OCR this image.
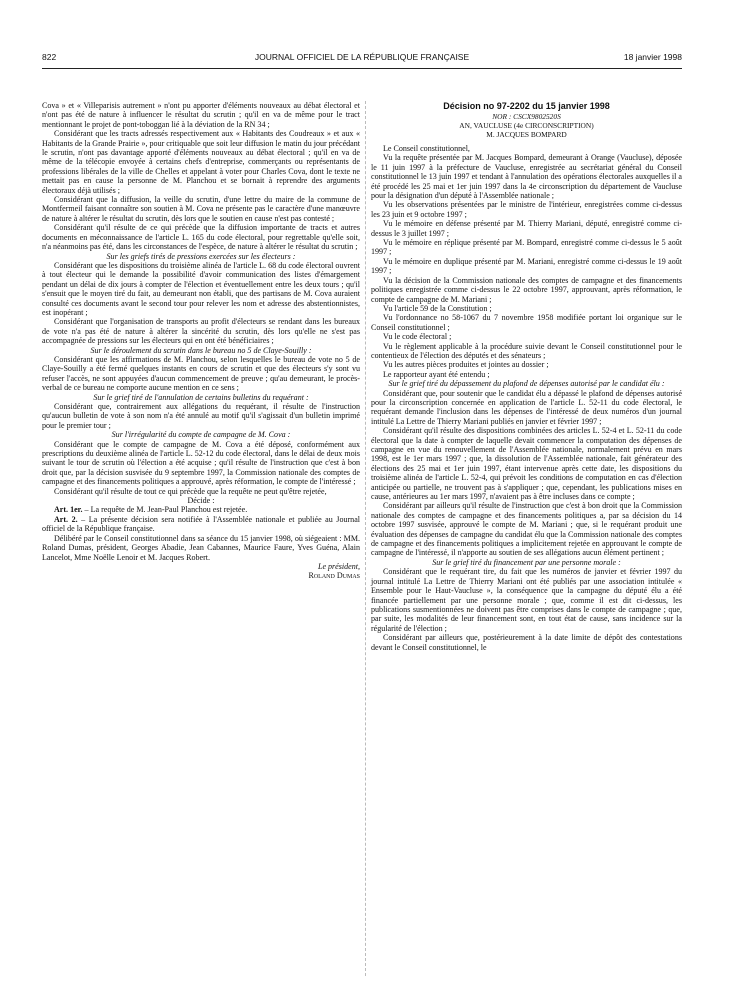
822	JOURNAL OFFICIEL DE LA RÉPUBLIQUE FRANÇAISE	18 janvier 1998

Cova » et « Villeparisis autrement » n'ont pu apporter d'éléments nouveaux au débat électoral et n'ont pas été de nature à influencer le résultat du scrutin ; qu'il en va de même pour le tract mentionnant le projet de pont-toboggan lié à la déviation de la RN 34 ;

Considérant que les tracts adressés respectivement aux « Habitants des Coudreaux » et aux « Habitants de la Grande Prairie », pour critiquable que soit leur diffusion le matin du jour précédant le scrutin, n'ont pas davantage apporté d'éléments nouveaux au débat électoral ; qu'il en va de même de la télécopie envoyée à certains chefs d'entreprise, commerçants ou représentants de professions libérales de la ville de Chelles et appelant à voter pour Charles Cova, dont le texte ne mettait pas en cause la personne de M. Planchou et se bornait à reprendre des arguments électoraux déjà utilisés ;

Considérant que la diffusion, la veille du scrutin, d'une lettre du maire de la commune de Montfermeil faisant connaître son soutien à M. Cova ne présente pas le caractère d'une manœuvre de nature à altérer le résultat du scrutin, dès lors que le soutien en cause n'est pas contesté ;

Considérant qu'il résulte de ce qui précède que la diffusion importante de tracts et autres documents en méconnaissance de l'article L. 165 du code électoral, pour regrettable qu'elle soit, n'a néanmoins pas été, dans les circonstances de l'espèce, de nature à altérer le résultat du scrutin ;

Sur les griefs tirés de pressions exercées sur les électeurs :

Considérant que les dispositions du troisième alinéa de l'article L. 68 du code électoral ouvrent à tout électeur qui le demande la possibilité d'avoir communication des listes d'émargement pendant un délai de dix jours à compter de l'élection et éventuellement entre les deux tours ; qu'il s'ensuit que le moyen tiré du fait, au demeurant non établi, que des partisans de M. Cova auraient consulté ces documents avant le second tour pour relever les nom et adresse des abstentionnistes, est inopérant ;

Considérant que l'organisation de transports au profit d'électeurs se rendant dans les bureaux de vote n'a pas été de nature à altérer la sincérité du scrutin, dès lors qu'elle ne s'est pas accompagnée de pressions sur les électeurs qui en ont été bénéficiaires ;

Sur le déroulement du scrutin dans le bureau no 5 de Claye-Souilly :

Considérant que les affirmations de M. Planchou, selon lesquelles le bureau de vote no 5 de Claye-Souilly a été fermé quelques instants en cours de scrutin et que des électeurs s'y sont vu refuser l'accès, ne sont appuyées d'aucun commencement de preuve ; qu'au demeurant, le procès-verbal de ce bureau ne comporte aucune mention en ce sens ;

Sur le grief tiré de l'annulation de certains bulletins du requérant :

Considérant que, contrairement aux allégations du requérant, il résulte de l'instruction qu'aucun bulletin de vote à son nom n'a été annulé au motif qu'il s'agissait d'un bulletin imprimé pour le premier tour ;

Sur l'irrégularité du compte de campagne de M. Cova :

Considérant que le compte de campagne de M. Cova a été déposé, conformément aux prescriptions du deuxième alinéa de l'article L. 52-12 du code électoral, dans le délai de deux mois suivant le tour de scrutin où l'élection a été acquise ; qu'il résulte de l'instruction que c'est à bon droit que, par la décision susvisée du 9 septembre 1997, la Commission nationale des comptes de campagne et des financements politiques a approuvé, après réformation, le compte de l'intéressé ;

Considérant qu'il résulte de tout ce qui précède que la requête ne peut qu'être rejetée,

Décide :

Art. 1er. – La requête de M. Jean-Paul Planchou est rejetée.

Art. 2. – La présente décision sera notifiée à l'Assemblée nationale et publiée au Journal officiel de la République française.

Délibéré par le Conseil constitutionnel dans sa séance du 15 janvier 1998, où siégeaient : MM. Roland Dumas, président, Georges Abadie, Jean Cabannes, Maurice Faure, Yves Guéna, Alain Lancelot, Mme Noëlle Lenoir et M. Jacques Robert.

Le président,
Roland Dumas
Décision no 97-2202 du 15 janvier 1998
NOR : CSCX9802520S
AN, VAUCLUSE (4e CIRCONSCRIPTION)
M. JACQUES BOMPARD

Le Conseil constitutionnel,

Vu la requête présentée par M. Jacques Bompard, demeurant à Orange (Vaucluse), déposée le 11 juin 1997 à la préfecture de Vaucluse, enregistrée au secrétariat général du Conseil constitutionnel le 13 juin 1997 et tendant à l'annulation des opérations électorales auxquelles il a été procédé les 25 mai et 1er juin 1997 dans la 4e circonscription du département de Vaucluse pour la désignation d'un député à l'Assemblée nationale ;

Vu les observations présentées par le ministre de l'intérieur, enregistrées comme ci-dessus les 23 juin et 9 octobre 1997 ;

Vu le mémoire en défense présenté par M. Thierry Mariani, député, enregistré comme ci-dessus le 3 juillet 1997 ;

Vu le mémoire en réplique présenté par M. Bompard, enregistré comme ci-dessus le 5 août 1997 ;

Vu le mémoire en duplique présenté par M. Mariani, enregistré comme ci-dessus le 19 août 1997 ;

Vu la décision de la Commission nationale des comptes de campagne et des financements politiques enregistrée comme ci-dessus le 22 octobre 1997, approuvant, après réformation, le compte de campagne de M. Mariani ;

Vu l'article 59 de la Constitution ;

Vu l'ordonnance no 58-1067 du 7 novembre 1958 modifiée portant loi organique sur le Conseil constitutionnel ;

Vu le code électoral ;

Vu le règlement applicable à la procédure suivie devant le Conseil constitutionnel pour le contentieux de l'élection des députés et des sénateurs ;

Vu les autres pièces produites et jointes au dossier ;

Le rapporteur ayant été entendu ;

Sur le grief tiré du dépassement du plafond de dépenses autorisé par le candidat élu :

Considérant que, pour soutenir que le candidat élu a dépassé le plafond de dépenses autorisé pour la circonscription concernée en application de l'article L. 52-11 du code électoral, le requérant demande l'inclusion dans les dépenses de l'intéressé de deux numéros d'un journal intitulé La Lettre de Thierry Mariani publiés en janvier et février 1997 ;

Considérant qu'il résulte des dispositions combinées des articles L. 52-4 et L. 52-11 du code électoral que la date à compter de laquelle devait commencer la computation des dépenses de campagne en vue du renouvellement de l'Assemblée nationale, normalement prévu en mars 1998, est le 1er mars 1997 ; que, la dissolution de l'Assemblée nationale, fait générateur des élections des 25 mai et 1er juin 1997, étant intervenue après cette date, les dispositions du troisième alinéa de l'article L. 52-4, qui prévoit les conditions de computation en cas d'élection anticipée ou partielle, ne trouvent pas à s'appliquer ; que, cependant, les publications mises en cause, antérieures au 1er mars 1997, n'avaient pas à être incluses dans ce compte ;

Considérant par ailleurs qu'il résulte de l'instruction que c'est à bon droit que la Commission nationale des comptes de campagne et des financements politiques a, par sa décision du 14 octobre 1997 susvisée, approuvé le compte de M. Mariani ; que, si le requérant produit une évaluation des dépenses de campagne du candidat élu que la Commission nationale des comptes de campagne et des financements politiques a implicitement rejetée en approuvant le compte de campagne de l'intéressé, il n'apporte au soutien de ses allégations aucun élément pertinent ;

Sur le grief tiré du financement par une personne morale :

Considérant que le requérant tire, du fait que les numéros de janvier et février 1997 du journal intitulé La Lettre de Thierry Mariani ont été publiés par une association intitulée « Ensemble pour le Haut-Vaucluse », la conséquence que la campagne du député élu a été financée partiellement par une personne morale ; que, comme il est dit ci-dessus, les publications susmentionnées ne doivent pas être comprises dans le compte de campagne ; que, par suite, les modalités de leur financement sont, en tout état de cause, sans incidence sur la régularité de l'élection ;

Considérant par ailleurs que, postérieurement à la date limite de dépôt des contestations devant le Conseil constitutionnel, le
